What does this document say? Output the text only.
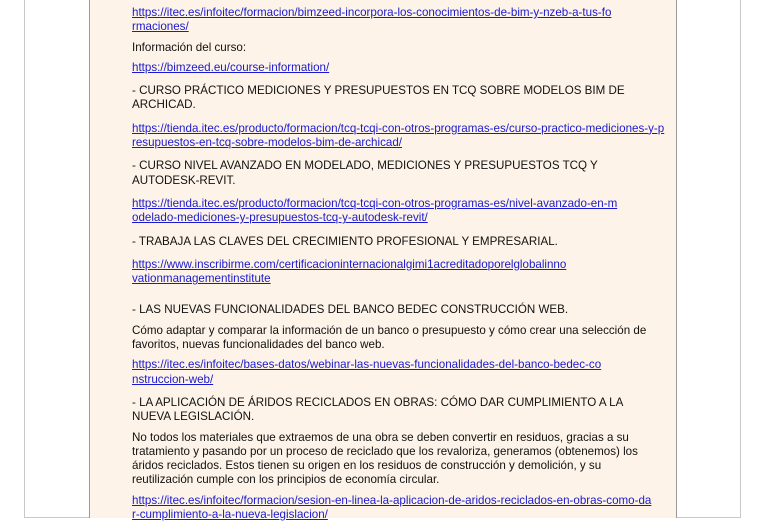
https://itec.es/infoitec/formacion/bimzeed-incorpora-los-conocimientos-de-bim-y-nzeb-a-tus-formaciones/

Información del curso:

https://bimzeed.eu/course-information/

- CURSO PRÁCTICO MEDICIONES Y PRESUPUESTOS EN TCQ SOBRE MODELOS BIM DE ARCHICAD.

https://tienda.itec.es/producto/formacion/tcq-tcqi-con-otros-programas-es/curso-practico-mediciones-y-presupuestos-en-tcq-sobre-modelos-bim-de-archicad/

- CURSO NIVEL AVANZADO EN MODELADO, MEDICIONES Y PRESUPUESTOS TCQ Y AUTODESK-REVIT.

https://tienda.itec.es/producto/formacion/tcq-tcqi-con-otros-programas-es/nivel-avanzado-en-modelado-mediciones-y-presupuestos-tcq-y-autodesk-revit/

- TRABAJA LAS CLAVES DEL CRECIMIENTO PROFESIONAL Y EMPRESARIAL.

https://www.inscribirme.com/certificacioninternacionalgimi1acreditadoporelglobalinnovationmanagementinstitute

- LAS NUEVAS FUNCIONALIDADES DEL BANCO BEDEC CONSTRUCCIÓN WEB.

Cómo adaptar y comparar la información de un banco o presupuesto y cómo crear una selección de favoritos, nuevas funcionalidades del banco web.

https://itec.es/infoitec/bases-datos/webinar-las-nuevas-funcionalidades-del-banco-bedec-construccion-web/

- LA APLICACIÓN DE ÁRIDOS RECICLADOS EN OBRAS: CÓMO DAR CUMPLIMIENTO A LA NUEVA LEGISLACIÓN.

No todos los materiales que extraemos de una obra se deben convertir en residuos, gracias a su tratamiento y pasando por un proceso de reciclado que los revaloriza, generamos (obtenemos) los áridos reciclados. Estos tienen su origen en los residuos de construcción y demolición, y su reutilización cumple con los principios de economía circular.

https://itec.es/infoitec/formacion/sesion-en-linea-la-aplicacion-de-aridos-reciclados-en-obras-como-dar-cumplimiento-a-la-nueva-legislacion/
